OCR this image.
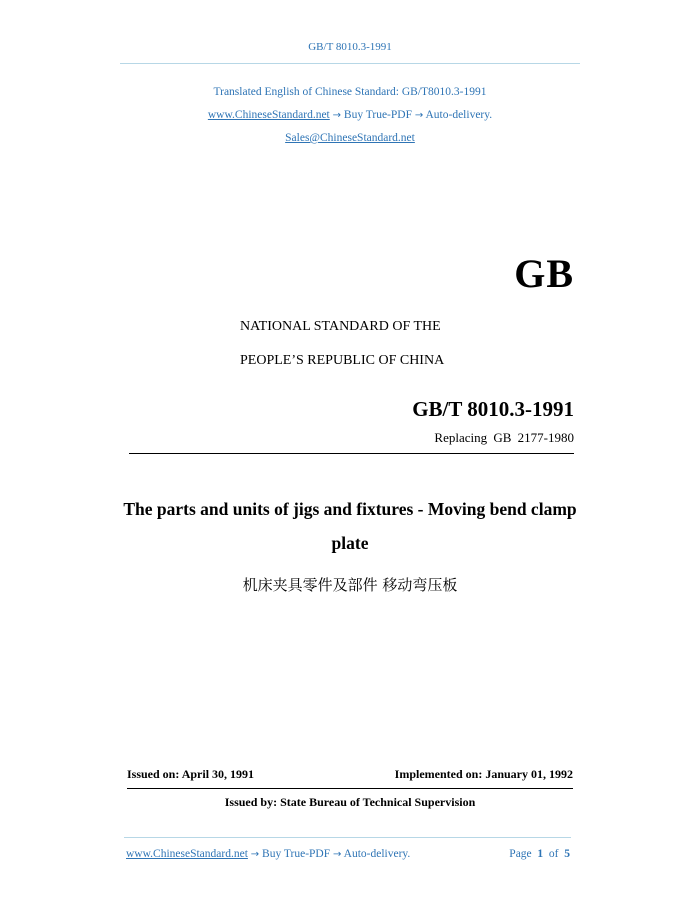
GB/T 8010.3-1991
Translated English of Chinese Standard: GB/T8010.3-1991
www.ChineseStandard.net → Buy True-PDF → Auto-delivery.
Sales@ChineseStandard.net
GB
NATIONAL STANDARD OF THE
PEOPLE’S REPUBLIC OF CHINA
GB/T 8010.3-1991
Replacing GB 2177-1980
The parts and units of jigs and fixtures - Moving bend clamp plate
机床夹具零件及部件 移动弯压板
Issued on: April 30, 1991	Implemented on: January 01, 1992
Issued by: State Bureau of Technical Supervision
www.ChineseStandard.net → Buy True-PDF → Auto-delivery.	Page 1 of 5
